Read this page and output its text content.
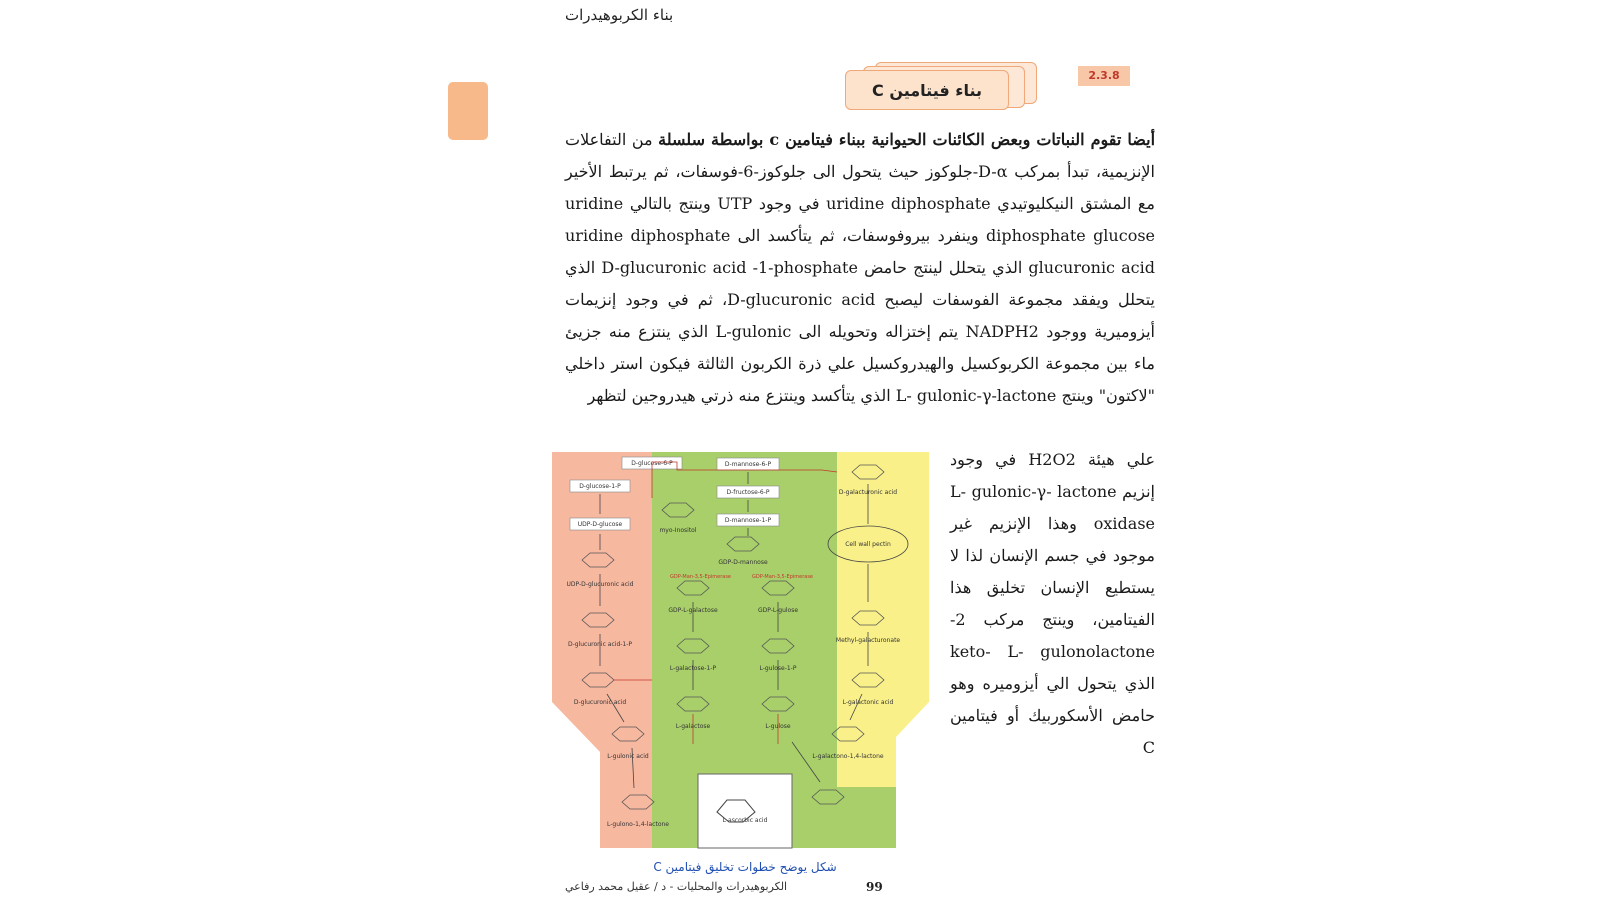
بناء الكربوهيدرات
بناء فيتامين C
2.3.8

أيضا تقوم النباتات وبعض الكائنات الحيوانية ببناء فيتامين c بواسطة سلسلة من التفاعلات الإنزيمية، تبدأ بمركب D-α-جلوكوز حيث يتحول الى جلوكوز-6-فوسفات، ثم يرتبط الأخير مع المشتق النيكليوتيدي uridine diphosphate في وجود UTP وينتج بالتالي uridine diphosphate glucose وينفرد بيروفوسفات، ثم يتأكسد الى uridine diphosphate glucuronic acid الذي يتحلل لينتج حامض D-glucuronic acid -1-phosphate الذي يتحلل ويفقد مجموعة الفوسفات ليصبح D-glucuronic acid، ثم في وجود إنزيمات أيزوميرية ووجود NADPH2 يتم إختزاله وتحويله الى L-gulonic الذي ينتزع منه جزيئ ماء بين مجموعة الكربوكسيل والهيدروكسيل علي ذرة الكربون الثالثة فيكون استر داخلي "لاكتون" وينتج L- gulonic-γ-lactone الذي يتأكسد وينتزع منه ذرتي هيدروجين لتظهر

علي هيئة H2O2 في وجود إنزيم L- gulonic-γ- lactone oxidase وهذا الإنزيم غير موجود في جسم الإنسان لذا لا يستطيع الإنسان تخليق هذا الفيتامين، وينتج مركب 2-keto- L- gulonolactone الذي يتحول الي أيزوميره وهو حامض الأسكوربيك أو فيتامين C

L-ascorbic acid
D-glucose-6-P	D-mannose-6-P
D-fructose-6-P
D-mannose-1-P
D-glucose-1-P
UDP-D-glucose
Cell wall pectin
GDP-Man-3,5-Epimerase	GDP-Man-3,5-Epimerase
UDP-D-glucuronic acid
D-glucuronic acid-1-P
D-glucuronic acid
L-gulonic acid
L-gulono-1,4-lactone
myo-Inositol
GDP-D-mannose
GDP-L-galactose	GDP-L-gulose
L-galactose-1-P	L-gulose-1-P
L-galactose	L-gulose
D-galacturonic acid
Methyl-galacturonate
L-galactonic acid
L-galactono-1,4-lactone
شكل يوضح خطوات تخليق فيتامين C
الكربوهيدرات والمحليات - د / عقيل محمد رفاعي	99
